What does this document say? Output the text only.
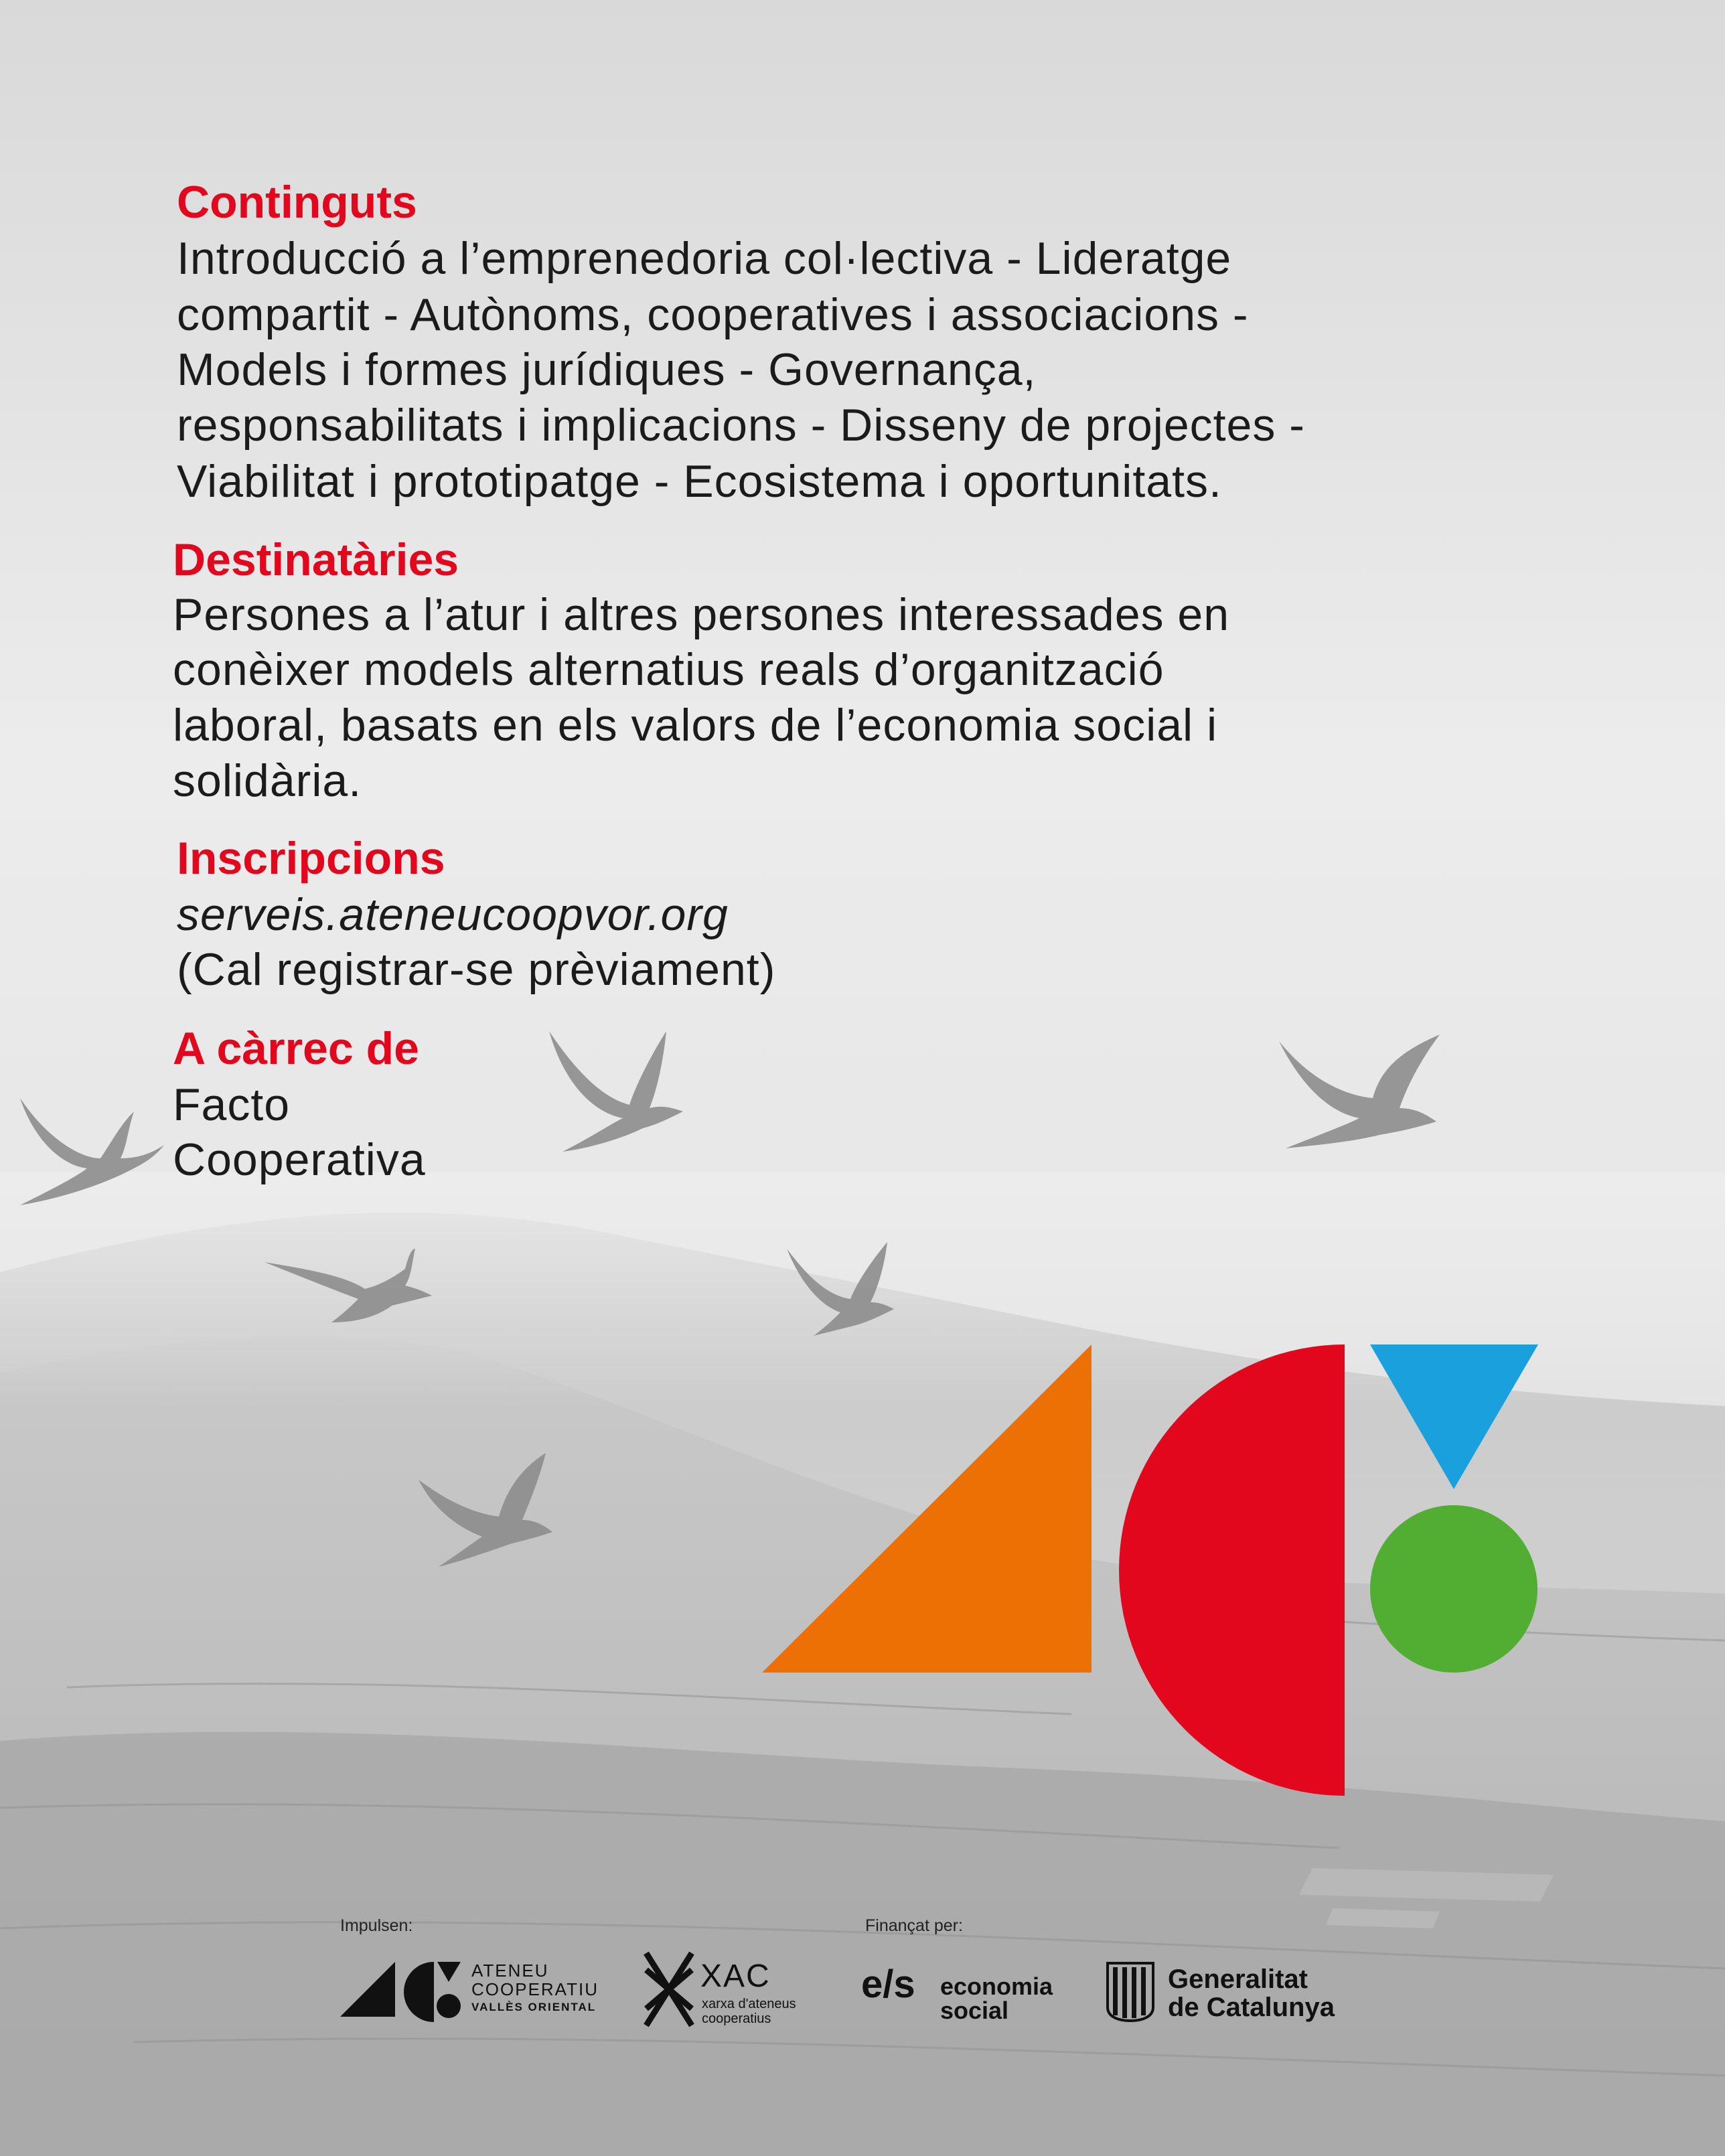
Continguts
Introducció a l’emprenedoria col·lectiva - Lideratge
compartit - Autònoms, cooperatives i associacions -
Models i formes jurídiques - Governança,
responsabilitats i implicacions - Disseny de projectes -
Viabilitat i prototipatge - Ecosistema i oportunitats.
Destinatàries
Persones a l’atur i altres persones interessades en
conèixer models alternatius reals d’organització
laboral, basats en els valors de l’economia social i
solidària.
Inscripcions
serveis.ateneucoopvor.org
(Cal registrar-se prèviament)
A càrrec de
Facto
Cooperativa
Impulsen:	Finançat per:
ATENEU
COOPERATIU
VALLÈS ORIENTAL
XAC
xarxa d'ateneus
cooperatius
e/s economia
social
Generalitat
de Catalunya
